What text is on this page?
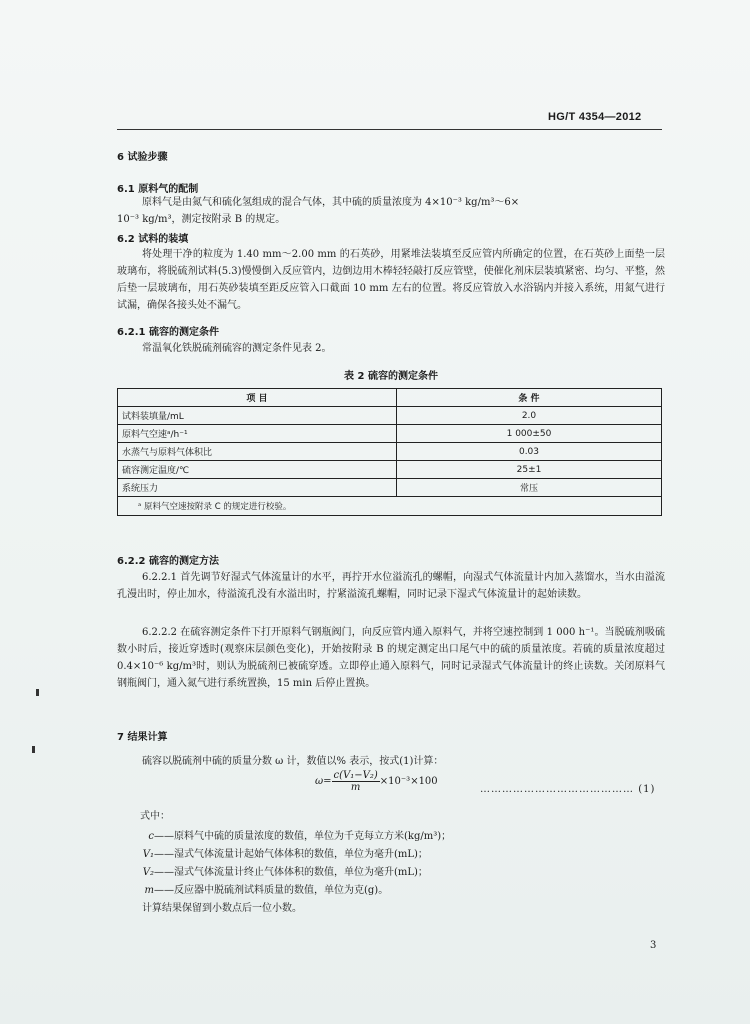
HG/T 4354—2012
6 试验步骤
6.1 原料气的配制
原料气是由氮气和硫化氢组成的混合气体，其中硫的质量浓度为 4×10⁻³ kg/m³～6×
10⁻³ kg/m³，测定按附录 B 的规定。
6.2 试料的装填
将处理干净的粒度为 1.40 mm～2.00 mm 的石英砂，用紧堆法装填至反应管内所确定的位置，在石英砂上面垫一层玻璃布，将脱硫剂试料(5.3)慢慢倒入反应管内，边倒边用木棒轻轻敲打反应管壁，使催化剂床层装填紧密、均匀、平整，然后垫一层玻璃布，用石英砂装填至距反应管入口截面 10 mm 左右的位置。将反应管放入水浴锅内并接入系统，用氮气进行试漏，确保各接头处不漏气。
6.2.1 硫容的测定条件
常温氧化铁脱硫剂硫容的测定条件见表 2。
表 2 硫容的测定条件
项 目	条 件
试料装填量/mL	2.0
原料气空速ᵃ/h⁻¹	1 000±50
水蒸气与原料气体积比	0.03
硫容测定温度/℃	25±1
系统压力	常压
ᵃ 原料气空速按附录 C 的规定进行校验。	
6.2.2 硫容的测定方法
6.2.2.1 首先调节好湿式气体流量计的水平，再拧开水位溢流孔的螺帽，向湿式气体流量计内加入蒸馏水，当水由溢流孔漫出时，停止加水，待溢流孔没有水溢出时，拧紧溢流孔螺帽，同时记录下湿式气体流量计的起始读数。
6.2.2.2 在硫容测定条件下打开原料气钢瓶阀门，向反应管内通入原料气，并将空速控制到 1 000 h⁻¹。当脱硫剂吸硫数小时后，接近穿透时(观察床层颜色变化)，开始按附录 B 的规定测定出口尾气中的硫的质量浓度。若硫的质量浓度超过 0.4×10⁻⁶ kg/m³时，则认为脱硫剂已被硫穿透。立即停止通入原料气，同时记录湿式气体流量计的终止读数。关闭原料气钢瓶阀门，通入氮气进行系统置换，15 min 后停止置换。
7 结果计算
硫容以脱硫剂中硫的质量分数 ω 计，数值以% 表示，按式(1)计算：
$\omega= \frac{\text{c(V₁−V₂)}}{m} \times 10^{-3}\times 100$
…………………………………… (1)
式中：
c——原料气中硫的质量浓度的数值，单位为千克每立方米(kg/m³)；
V₁——湿式气体流量计起始气体体积的数值，单位为毫升(mL)；
V₂——湿式气体流量计终止气体体积的数值，单位为毫升(mL)；
m——反应器中脱硫剂试料质量的数值，单位为克(g)。
计算结果保留到小数点后一位小数。
3
